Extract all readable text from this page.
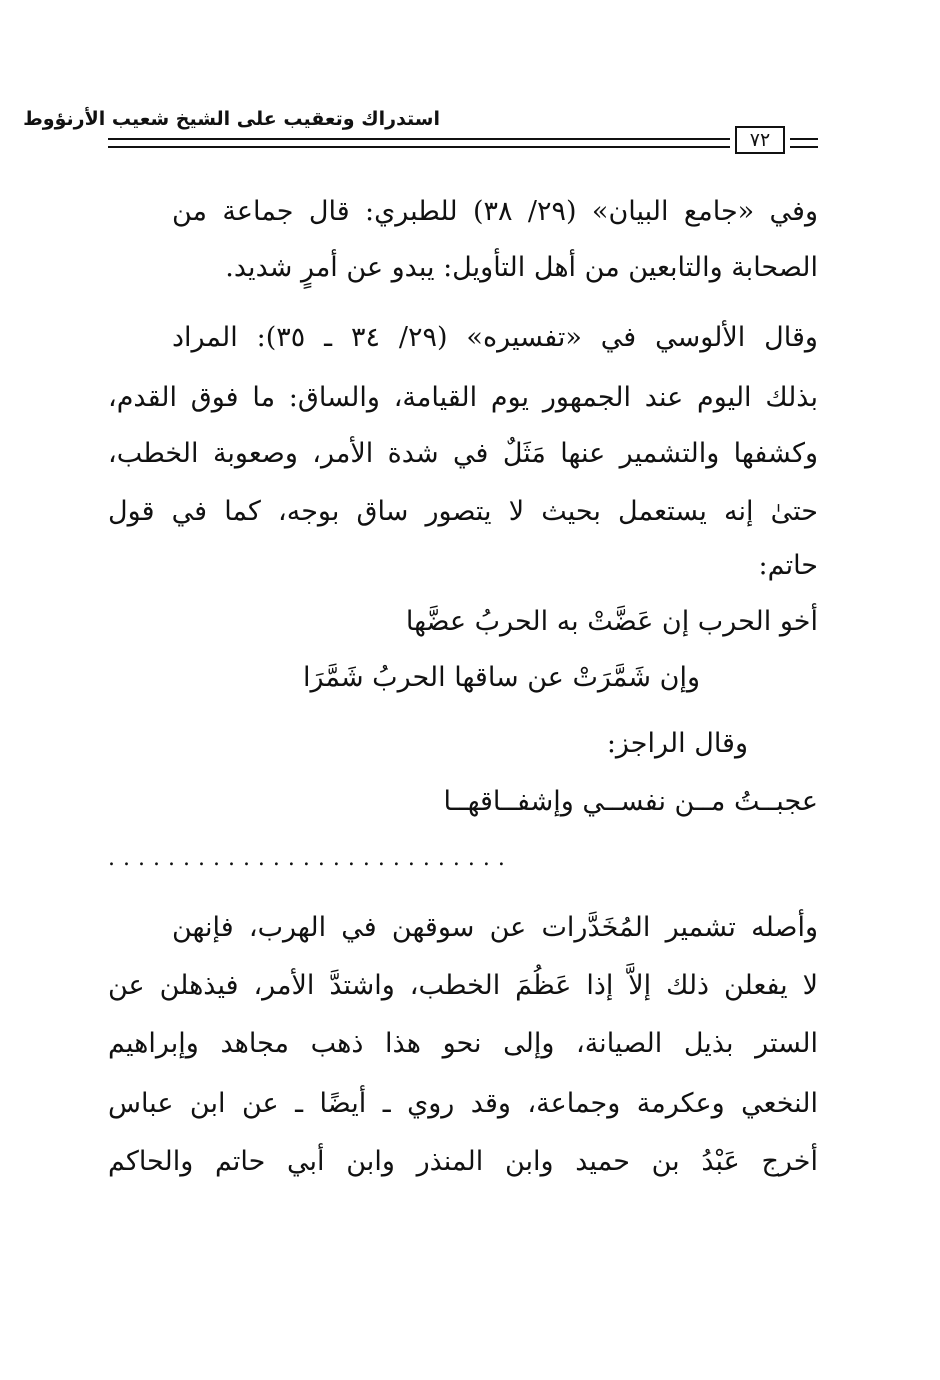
استدراك وتعقيب على الشيخ شعيب الأرنؤوط
٧٢
وفي «جامع البيان» (٢٩/ ٣٨) للطبري: قال جماعة من
الصحابة والتابعين من أهل التأويل: يبدو عن أمرٍ شديد.
وقال الألوسي في «تفسيره» (٢٩/ ٣٤ ـ ٣٥): المراد
بذلك اليوم عند الجمهور يوم القيامة، والساق: ما فوق القدم،
وكشفها والتشمير عنها مَثَلٌ في شدة الأمر، وصعوبة الخطب،
حتىٰ إنه يستعمل بحيث لا يتصور ساق بوجه، كما في قول
حاتم:
أخو الحرب إن عَضَّتْ به الحربُ عضَّها
وإن شَمَّرَتْ عن ساقها الحربُ شَمَّرَا
وقال الراجز:
عجبــتُ مــن نفســي وإشفــاقهــا
...........................
وأصله تشمير المُخَدَّرات عن سوقهن في الهرب، فإنهن
لا يفعلن ذلك إلاَّ إذا عَظُمَ الخطب، واشتدَّ الأمر، فيذهلن عن
الستر بذيل الصيانة، وإلى نحو هذا ذهب مجاهد وإبراهيم
النخعي وعكرمة وجماعة، وقد روي ـ أيضًا ـ عن ابن عباس
أخرج عَبْدُ بن حميد وابن المنذر وابن أبي حاتم والحاكم
